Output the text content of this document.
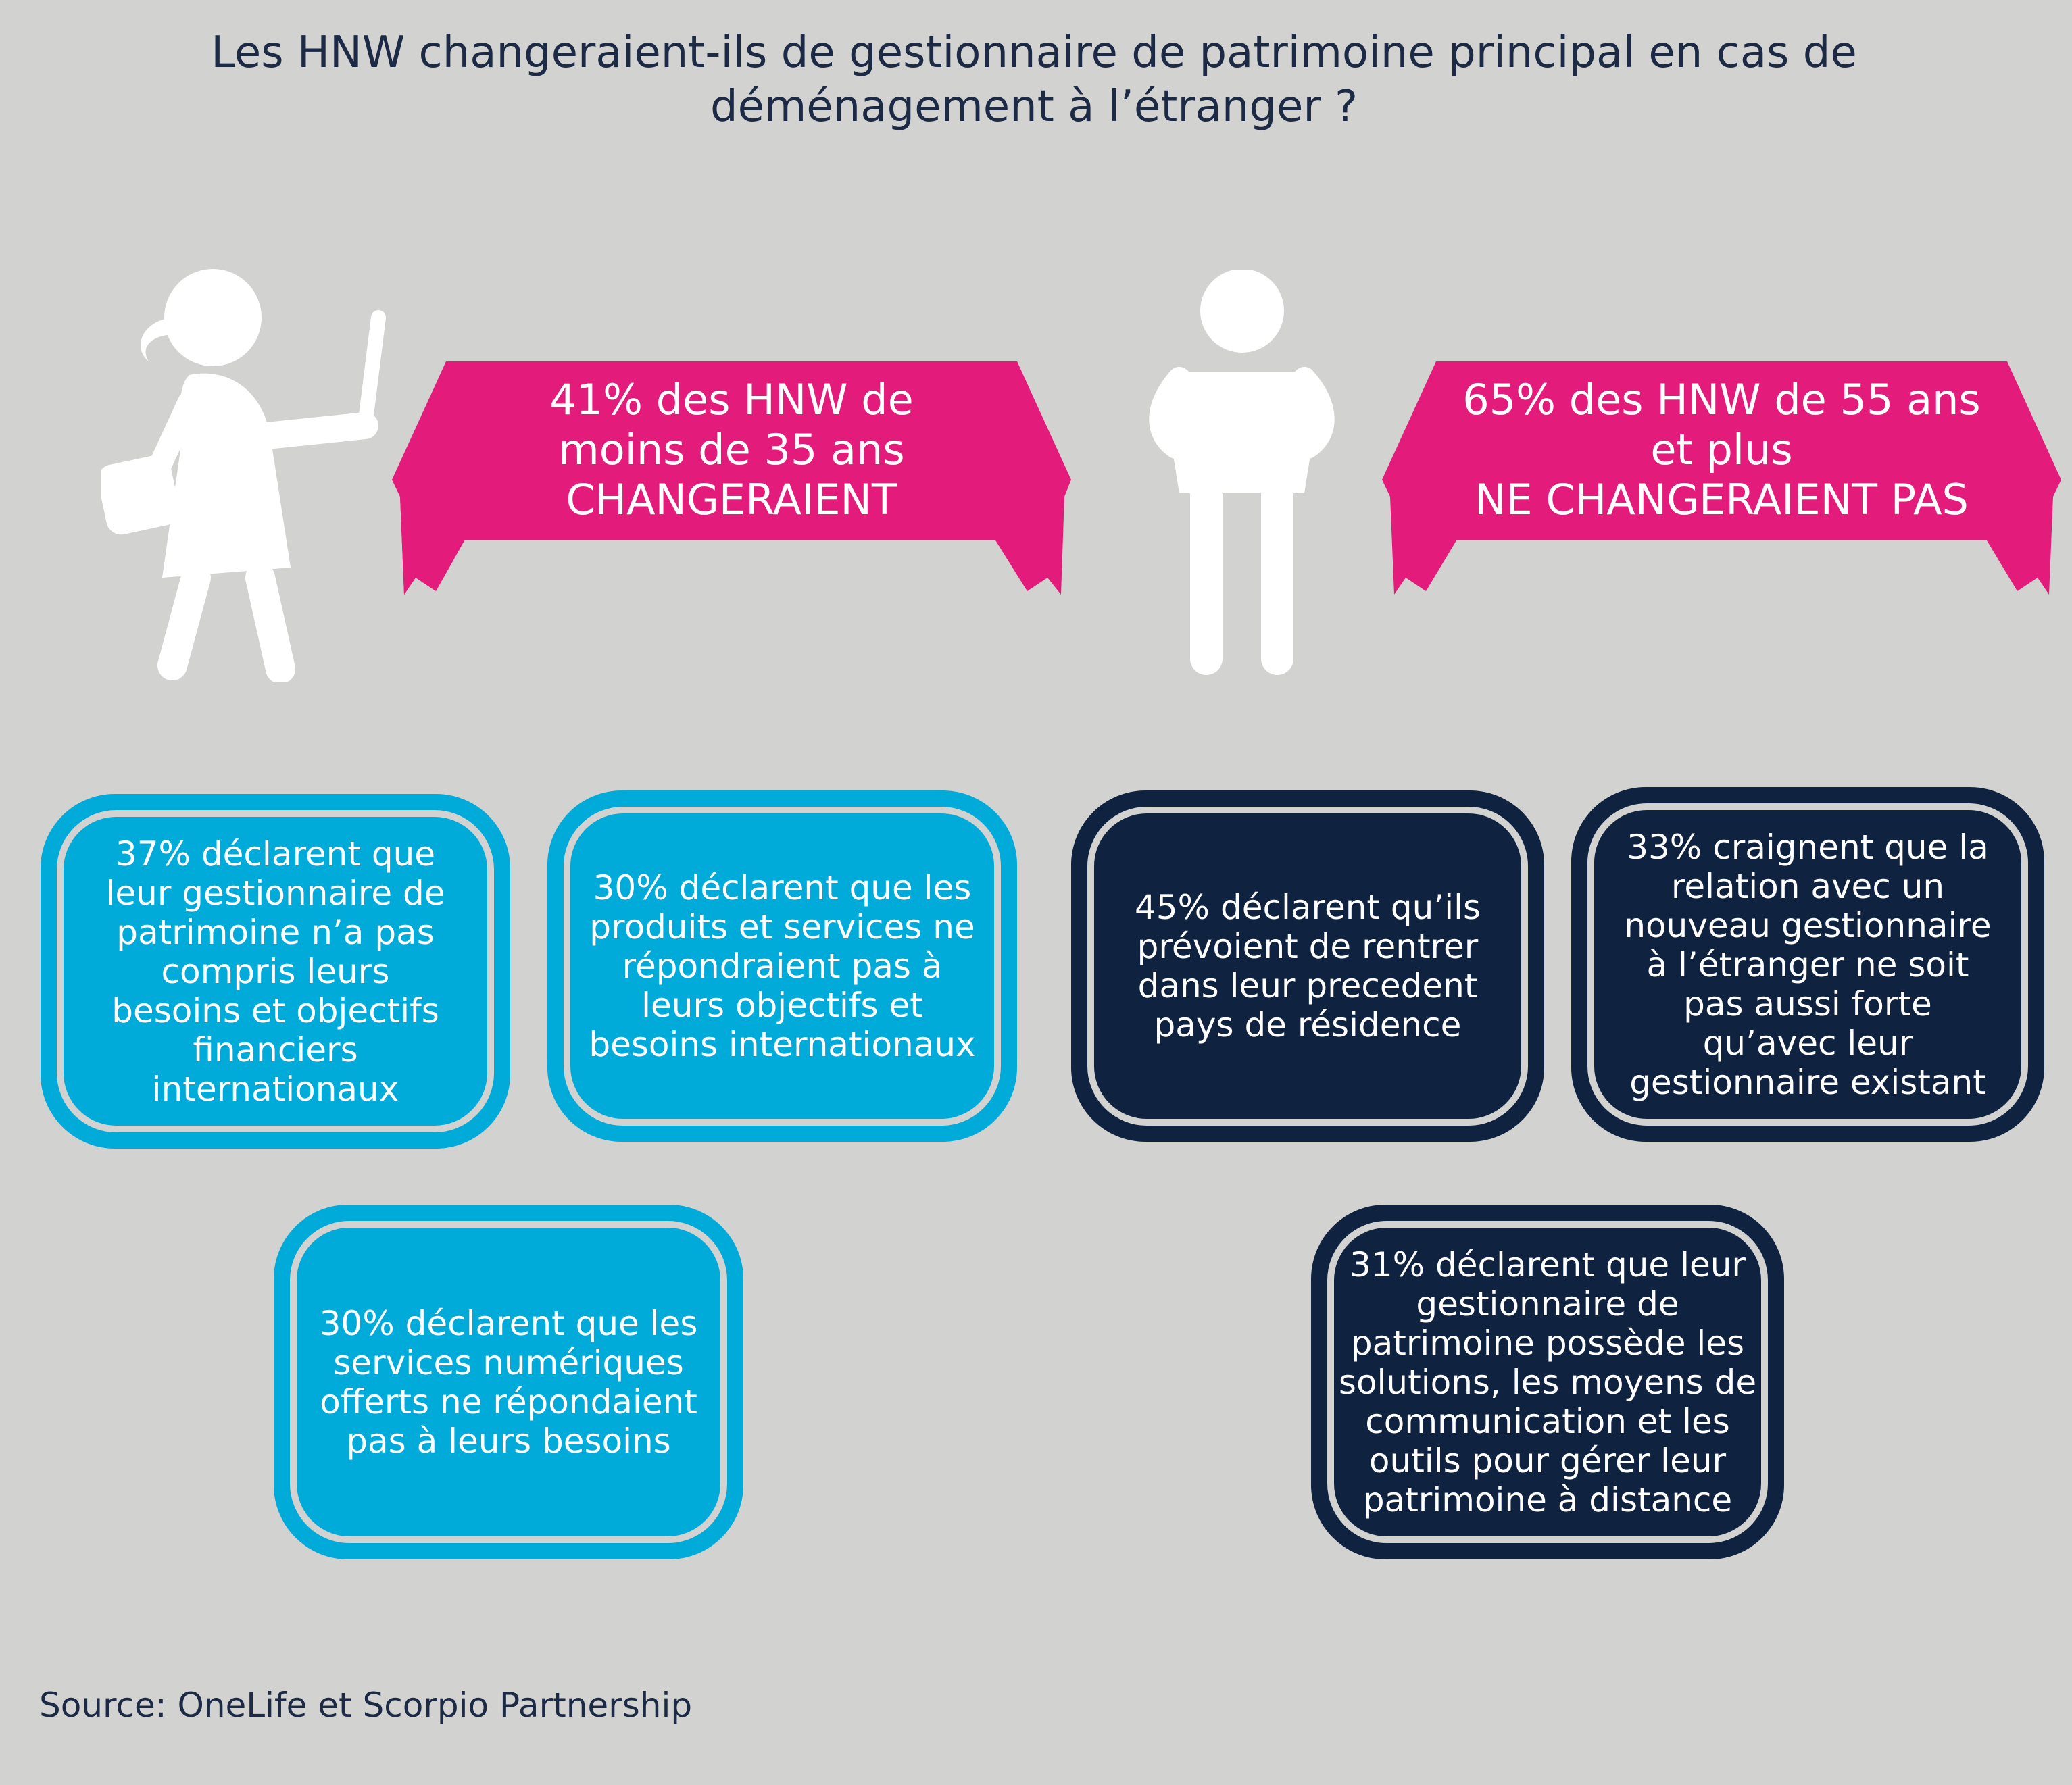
Les HNW changeraient-ils de gestionnaire de patrimoine principal en cas de
déménagement à l’étranger ?
41% des HNW de
moins de 35 ans
CHANGERAIENT
65% des HNW de 55 ans
et plus
NE CHANGERAIENT PAS

37% déclarent que
leur gestionnaire de
patrimoine n’a pas
compris leurs
besoins et objectifs
financiers
internationaux

30% déclarent que les
produits et services ne
répondraient pas à
leurs objectifs et
besoins internationaux

30% déclarent que les
services numériques
offerts ne répondaient
pas à leurs besoins

45% déclarent qu’ils
prévoient de rentrer
dans leur precedent
pays de résidence

33% craignent que la
relation avec un
nouveau gestionnaire
à l’étranger ne soit
pas aussi forte
qu’avec leur
gestionnaire existant

31% déclarent que leur
gestionnaire de
patrimoine possède les
solutions, les moyens de
communication et les
outils pour gérer leur
patrimoine à distance

Source: OneLife et Scorpio Partnership
